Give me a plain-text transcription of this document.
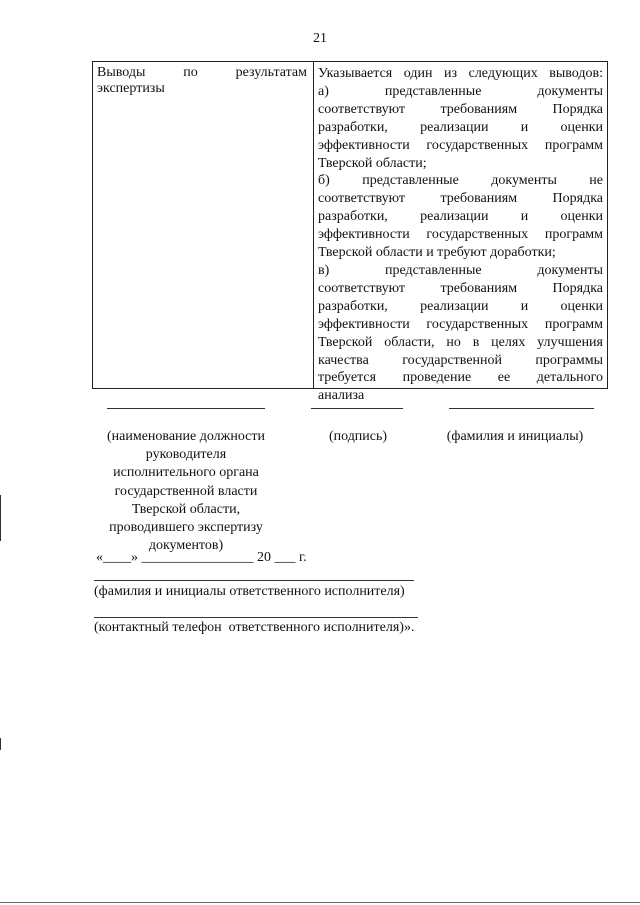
21
Выводы по результатам
экспертизы
Указывается один из следующих выводов:
а) представленные документы
соответствуют требованиям Порядка
разработки, реализации и оценки
эффективности государственных программ
Тверской области;
б) представленные документы не
соответствуют требованиям Порядка
разработки, реализации и оценки
эффективности государственных программ
Тверской области и требуют доработки;
в) представленные документы
соответствуют требованиям Порядка
разработки, реализации и оценки
эффективности государственных программ
Тверской области, но в целях улучшения
качества государственной программы
требуется проведение ее детального
анализа
(наименование должности
руководителя
исполнительного органа
государственной власти
Тверской области,
проводившего экспертизу
документов)
(подпись)	(фамилия и инициалы)
«____» ________________ 20 ___ г.
(фамилия и инициалы ответственного исполнителя)
(контактный телефон  ответственного исполнителя)».
